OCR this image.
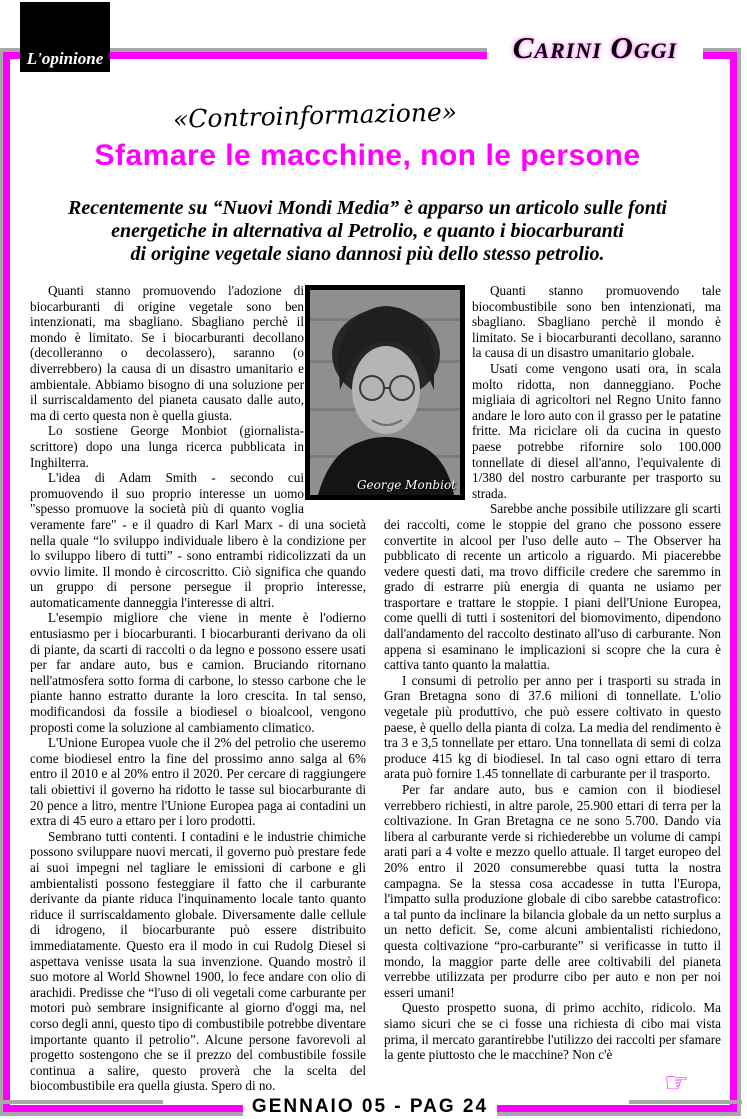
L'opinione	Carini Oggi
«Controinformazione»
Sfamare le macchine, non le persone
Recentemente su “Nuovi Mondi Media” è apparso un articolo sulle fonti
energetiche in alternativa al Petrolio, e quanto i biocarburanti
di origine vegetale siano dannosi più dello stesso petrolio.
George Monbiot

Quanti stanno promuovendo l'adozione di biocarburanti di origine vegetale sono ben intenzionati, ma sbagliano. Sbagliano perchè il mondo è limitato. Se i biocarburanti decollano (decolleranno o decolassero), saranno (o diverrebbero) la causa di un disastro umanitario e ambientale. Abbiamo bisogno di una soluzione per il surriscaldamento del pianeta causato dalle auto, ma di certo questa non è quella giusta.

Lo sostiene George Monbiot (giornalista-scrittore) dopo una lunga ricerca pubblicata in Inghilterra.

L'idea di Adam Smith - secondo cui promuovendo il suo proprio interesse un uomo "spesso promuove la società più di quanto voglia veramente fare" - e il quadro di Karl Marx - di una società nella quale “lo sviluppo individuale libero è la condizione per lo sviluppo libero di tutti” - sono entrambi ridicolizzati da un ovvio limite. Il mondo è circoscritto. Ciò significa che quando un gruppo di persone persegue il proprio interesse, automaticamente danneggia l'interesse di altri.

L'esempio migliore che viene in mente è l'odierno entusiasmo per i biocarburanti. I biocarburanti derivano da oli di piante, da scarti di raccolti o da legno e possono essere usati per far andare auto, bus e camion. Bruciando ritornano nell'atmosfera sotto forma di carbone, lo stesso carbone che le piante hanno estratto durante la loro crescita. In tal senso, modificandosi da fossile a biodiesel o bioalcool, vengono proposti come la soluzione al cambiamento climatico.

L'Unione Europea vuole che il 2% del petrolio che useremo come biodiesel entro la fine del prossimo anno salga al 6% entro il 2010 e al 20% entro il 2020. Per cercare di raggiungere tali obiettivi il governo ha ridotto le tasse sul biocarburante di 20 pence a litro, mentre l'Unione Europea paga ai contadini un extra di 45 euro a ettaro per i loro prodotti.

Sembrano tutti contenti. I contadini e le industrie chimiche possono sviluppare nuovi mercati, il governo può prestare fede ai suoi impegni nel tagliare le emissioni di carbone e gli ambientalisti possono festeggiare il fatto che il carburante derivante da piante riduca l'inquinamento locale tanto quanto riduce il surriscaldamento globale. Diversamente dalle cellule di idrogeno, il biocarburante può essere distribuito immediatamente. Questo era il modo in cui Rudolg Diesel si aspettava venisse usata la sua invenzione. Quando mostrò il suo motore al World Shownel 1900, lo fece andare con olio di arachidi. Predisse che “l'uso di oli vegetali come carburante per motori può sembrare insignificante al giorno d'oggi ma, nel corso degli anni, questo tipo di combustibile potrebbe diventare importante quanto il petrolio”. Alcune persone favorevoli al progetto sostengono che se il prezzo del combustibile fossile continua a salire, questo proverà che la scelta del biocombustibile era quella giusta. Spero di no.

Quanti stanno promuovendo tale biocombustibile sono ben intenzionati, ma sbagliano. Sbagliano perchè il mondo è limitato. Se i biocarburanti decollano, saranno la causa di un disastro umanitario globale.

Usati come vengono usati ora, in scala molto ridotta, non danneggiano. Poche migliaia di agricoltori nel Regno Unito fanno andare le loro auto con il grasso per le patatine fritte. Ma riciclare oli da cucina in questo paese potrebbe rifornire solo 100.000 tonnellate di diesel all'anno, l'equivalente di 1/380 del nostro carburante per trasporto su strada.

Sarebbe anche possibile utilizzare gli scarti dei raccolti, come le stoppie del grano che possono essere convertite in alcool per l'uso delle auto – The Observer ha pubblicato di recente un articolo a riguardo. Mi piacerebbe vedere questi dati, ma trovo difficile credere che saremmo in grado di estrarre più energia di quanta ne usiamo per trasportare e trattare le stoppie. I piani dell'Unione Europea, come quelli di tutti i sostenitori del biomovimento, dipendono dall'andamento del raccolto destinato all'uso di carburante. Non appena si esaminano le implicazioni si scopre che la cura è cattiva tanto quanto la malattia.

I consumi di petrolio per anno per i trasporti su strada in Gran Bretagna sono di 37.6 milioni di tonnellate. L'olio vegetale più produttivo, che può essere coltivato in questo paese, è quello della pianta di colza. La media del rendimento è tra 3 e 3,5 tonnellate per ettaro. Una tonnellata di semi di colza produce 415 kg di biodiesel. In tal caso ogni ettaro di terra arata può fornire 1.45 tonnellate di carburante per il trasporto.

Per far andare auto, bus e camion con il biodiesel verrebbero richiesti, in altre parole, 25.900 ettari di terra per la coltivazione. In Gran Bretagna ce ne sono 5.700. Dando via libera al carburante verde si richiederebbe un volume di campi arati pari a 4 volte e mezzo quello attuale. Il target europeo del 20% entro il 2020 consumerebbe quasi tutta la nostra campagna. Se la stessa cosa accadesse in tutta l'Europa, l'impatto sulla produzione globale di cibo sarebbe catastrofico: a tal punto da inclinare la bilancia globale da un netto surplus a un netto deficit. Se, come alcuni ambientalisti richiedono, questa coltivazione “pro-carburante” si verificasse in tutto il mondo, la maggior parte delle aree coltivabili del pianeta verrebbe utilizzata per produrre cibo per auto e non per noi esseri umani!

Questo prospetto suona, di primo acchito, ridicolo. Ma siamo sicuri che se ci fosse una richiesta di cibo mai vista prima, il mercato garantirebbe l'utilizzo dei raccolti per sfamare la gente piuttosto che le macchine? Non c'è

☞
GENNAIO 05 - PAG 24
